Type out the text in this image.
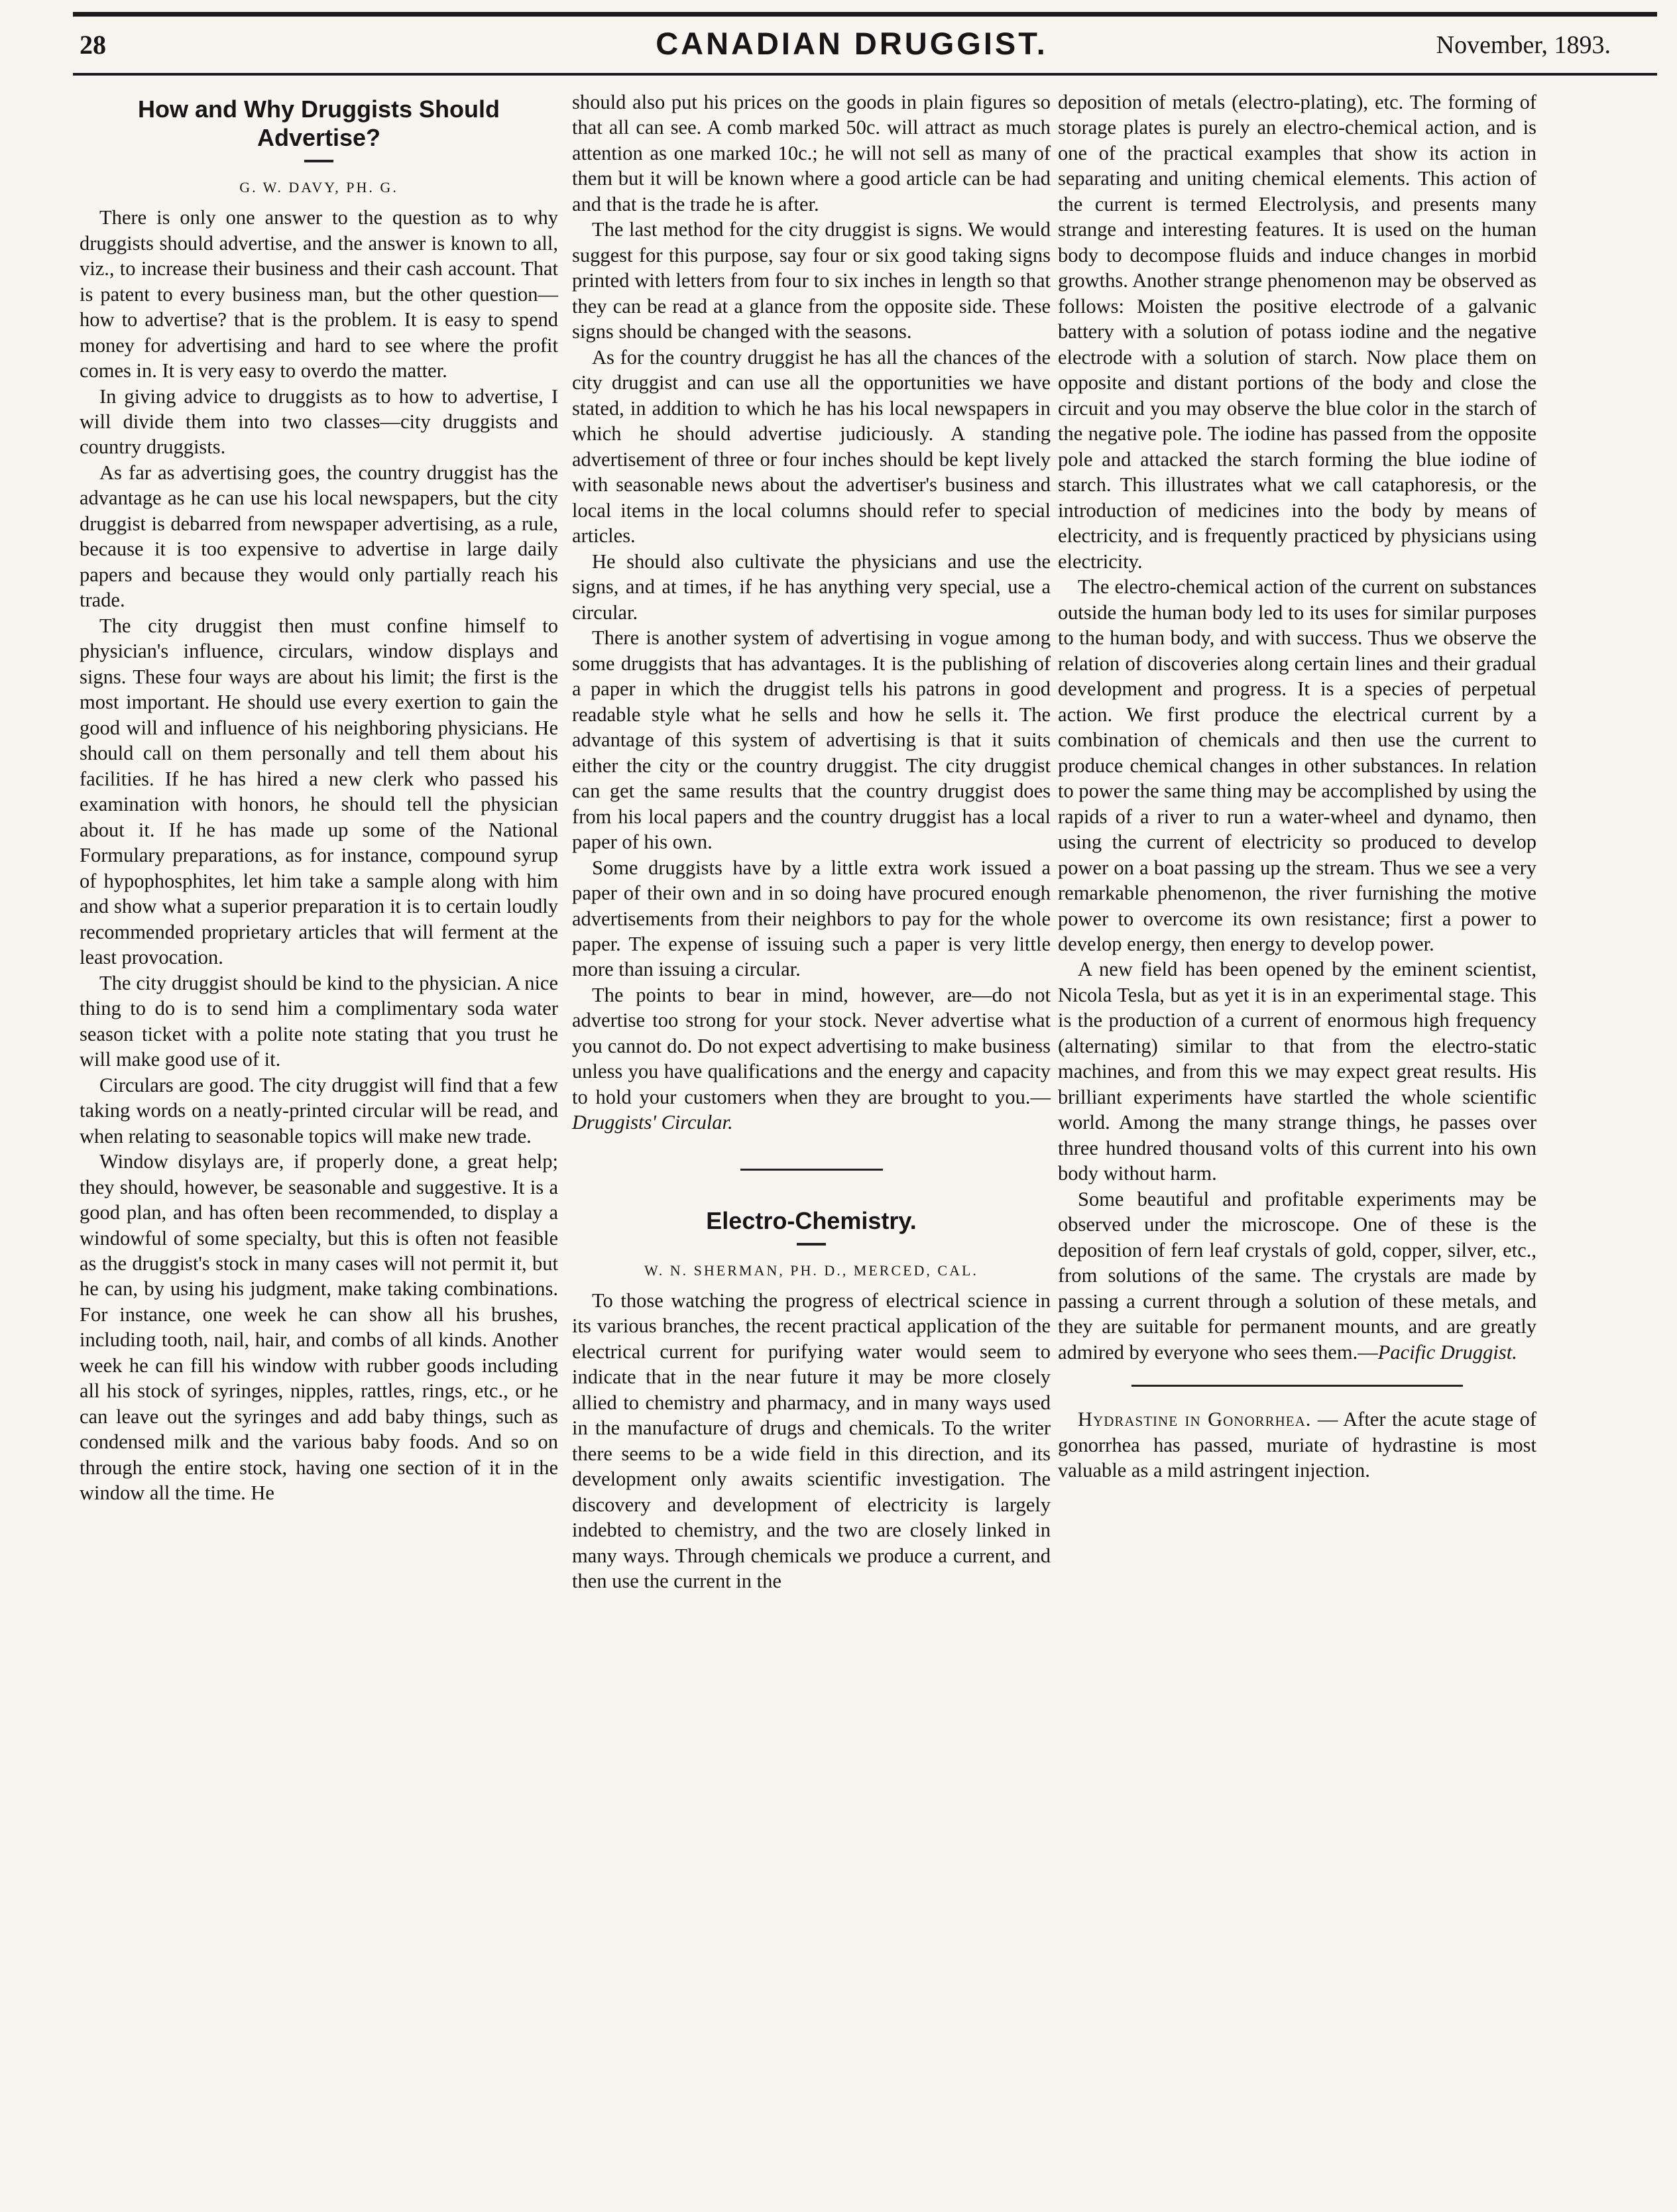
28	CANADIAN DRUGGIST.	November, 1893.
How and Why Druggists Should Advertise?
G. W. DAVY, PH. G.

There is only one answer to the question as to why druggists should advertise, and the answer is known to all, viz., to increase their business and their cash account. That is patent to every business man, but the other question—how to advertise? that is the problem. It is easy to spend money for advertising and hard to see where the profit comes in. It is very easy to overdo the matter.

In giving advice to druggists as to how to advertise, I will divide them into two classes—city druggists and country druggists.

As far as advertising goes, the country druggist has the advantage as he can use his local newspapers, but the city druggist is debarred from newspaper advertising, as a rule, because it is too expensive to advertise in large daily papers and because they would only partially reach his trade.

The city druggist then must confine himself to physician's influence, circulars, window displays and signs. These four ways are about his limit; the first is the most important. He should use every exertion to gain the good will and influence of his neighboring physicians. He should call on them personally and tell them about his facilities. If he has hired a new clerk who passed his examination with honors, he should tell the physician about it. If he has made up some of the National Formulary preparations, as for instance, compound syrup of hypophosphites, let him take a sample along with him and show what a superior preparation it is to certain loudly recommended proprietary articles that will ferment at the least provocation.

The city druggist should be kind to the physician. A nice thing to do is to send him a complimentary soda water season ticket with a polite note stating that you trust he will make good use of it.

Circulars are good. The city druggist will find that a few taking words on a neatly-printed circular will be read, and when relating to seasonable topics will make new trade.

Window disylays are, if properly done, a great help; they should, however, be seasonable and suggestive. It is a good plan, and has often been recommended, to display a windowful of some specialty, but this is often not feasible as the druggist's stock in many cases will not permit it, but he can, by using his judgment, make taking combinations. For instance, one week he can show all his brushes, including tooth, nail, hair, and combs of all kinds. Another week he can fill his window with rubber goods including all his stock of syringes, nipples, rattles, rings, etc., or he can leave out the syringes and add baby things, such as condensed milk and the various baby foods. And so on through the entire stock, having one section of it in the window all the time. He

should also put his prices on the goods in plain figures so that all can see. A comb marked 50c. will attract as much attention as one marked 10c.; he will not sell as many of them but it will be known where a good article can be had and that is the trade he is after.

The last method for the city druggist is signs. We would suggest for this purpose, say four or six good taking signs printed with letters from four to six inches in length so that they can be read at a glance from the opposite side. These signs should be changed with the seasons.

As for the country druggist he has all the chances of the city druggist and can use all the opportunities we have stated, in addition to which he has his local newspapers in which he should advertise judiciously. A standing advertisement of three or four inches should be kept lively with seasonable news about the advertiser's business and local items in the local columns should refer to special articles.

He should also cultivate the physicians and use the signs, and at times, if he has anything very special, use a circular.

There is another system of advertising in vogue among some druggists that has advantages. It is the publishing of a paper in which the druggist tells his patrons in good readable style what he sells and how he sells it. The advantage of this system of advertising is that it suits either the city or the country druggist. The city druggist can get the same results that the country druggist does from his local papers and the country druggist has a local paper of his own.

Some druggists have by a little extra work issued a paper of their own and in so doing have procured enough advertisements from their neighbors to pay for the whole paper. The expense of issuing such a paper is very little more than issuing a circular.

The points to bear in mind, however, are—do not advertise too strong for your stock. Never advertise what you cannot do. Do not expect advertising to make business unless you have qualifications and the energy and capacity to hold your customers when they are brought to you.—Druggists' Circular.

Electro-Chemistry.
W. N. SHERMAN, PH. D., MERCED, CAL.

To those watching the progress of electrical science in its various branches, the recent practical application of the electrical current for purifying water would seem to indicate that in the near future it may be more closely allied to chemistry and pharmacy, and in many ways used in the manufacture of drugs and chemicals. To the writer there seems to be a wide field in this direction, and its development only awaits scientific investigation. The discovery and development of electricity is largely indebted to chemistry, and the two are closely linked in many ways. Through chemicals we produce a current, and then use the current in the

deposition of metals (electro-plating), etc. The forming of storage plates is purely an electro-chemical action, and is one of the practical examples that show its action in separating and uniting chemical elements. This action of the current is termed Electrolysis, and presents many strange and interesting features. It is used on the human body to decompose fluids and induce changes in morbid growths. Another strange phenomenon may be observed as follows: Moisten the positive electrode of a galvanic battery with a solution of potass iodine and the negative electrode with a solution of starch. Now place them on opposite and distant portions of the body and close the circuit and you may observe the blue color in the starch of the negative pole. The iodine has passed from the opposite pole and attacked the starch forming the blue iodine of starch. This illustrates what we call cataphoresis, or the introduction of medicines into the body by means of electricity, and is frequently practiced by physicians using electricity.

The electro-chemical action of the current on substances outside the human body led to its uses for similar purposes to the human body, and with success. Thus we observe the relation of discoveries along certain lines and their gradual development and progress. It is a species of perpetual action. We first produce the electrical current by a combination of chemicals and then use the current to produce chemical changes in other substances. In relation to power the same thing may be accomplished by using the rapids of a river to run a water-wheel and dynamo, then using the current of electricity so produced to develop power on a boat passing up the stream. Thus we see a very remarkable phenomenon, the river furnishing the motive power to overcome its own resistance; first a power to develop energy, then energy to develop power.

A new field has been opened by the eminent scientist, Nicola Tesla, but as yet it is in an experimental stage. This is the production of a current of enormous high frequency (alternating) similar to that from the electro-static machines, and from this we may expect great results. His brilliant experiments have startled the whole scientific world. Among the many strange things, he passes over three hundred thousand volts of this current into his own body without harm.

Some beautiful and profitable experiments may be observed under the microscope. One of these is the deposition of fern leaf crystals of gold, copper, silver, etc., from solutions of the same. The crystals are made by passing a current through a solution of these metals, and they are suitable for permanent mounts, and are greatly admired by everyone who sees them.—Pacific Druggist.

Hydrastine in Gonorrhea. — After the acute stage of gonorrhea has passed, muriate of hydrastine is most valuable as a mild astringent injection.
